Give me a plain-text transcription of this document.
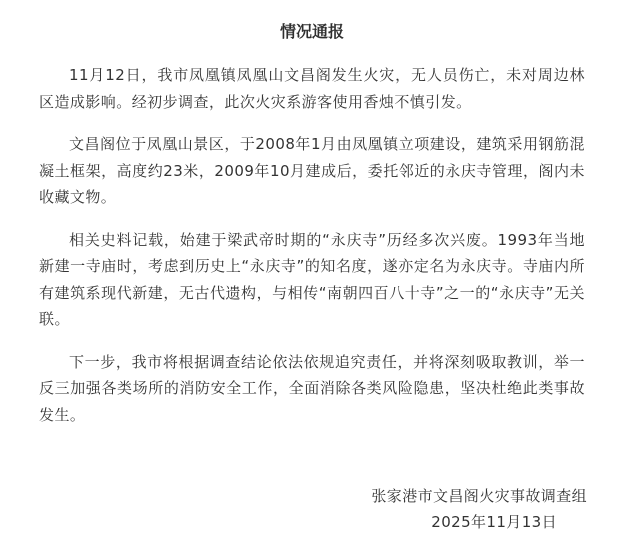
情况通报

11月12日，我市凤凰镇凤凰山文昌阁发生火灾，无人员伤亡，未对周边林区造成影响。经初步调查，此次火灾系游客使用香烛不慎引发。

文昌阁位于凤凰山景区，于2008年1月由凤凰镇立项建设，建筑采用钢筋混凝土框架，高度约23米，2009年10月建成后，委托邻近的永庆寺管理，阁内未收藏文物。

相关史料记载，始建于梁武帝时期的“永庆寺”历经多次兴废。1993年当地新建一寺庙时，考虑到历史上“永庆寺”的知名度，遂亦定名为永庆寺。寺庙内所有建筑系现代新建，无古代遗构，与相传“南朝四百八十寺”之一的“永庆寺”无关联。

下一步，我市将根据调查结论依法依规追究责任，并将深刻吸取教训，举一反三加强各类场所的消防安全工作，全面消除各类风险隐患，坚决杜绝此类事故发生。

张家港市文昌阁火灾事故调查组
2025年11月13日
